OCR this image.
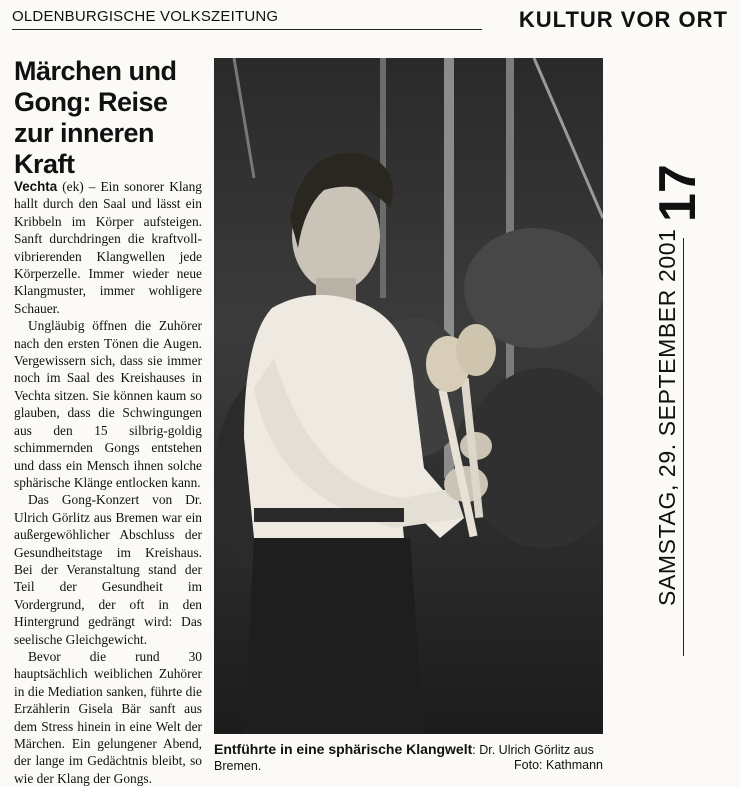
OLDENBURGISCHE VOLKSZEITUNG	KULTUR VOR ORT
Märchen und Gong: Reise zur inneren Kraft

Vechta (ek) – Ein sonorer Klang hallt durch den Saal und lässt ein Kribbeln im Körper aufsteigen. Sanft durchdringen die kraftvoll-vibrierenden Klangwellen jede Körperzelle. Immer wieder neue Klangmuster, immer wohligere Schauer.

Ungläubig öffnen die Zuhörer nach den ersten Tönen die Augen. Vergewissern sich, dass sie immer noch im Saal des Kreishauses in Vechta sitzen. Sie können kaum so glauben, dass die Schwingungen aus den 15 silbrig-goldig schimmernden Gongs entstehen und dass ein Mensch ihnen solche sphärische Klänge entlocken kann.

Das Gong-Konzert von Dr. Ulrich Görlitz aus Bremen war ein außergewöhlicher Abschluss der Gesundheitstage im Kreishaus. Bei der Veranstaltung stand der Teil der Gesundheit im Vordergrund, der oft in den Hintergrund gedrängt wird: Das seelische Gleichgewicht.

Bevor die rund 30 hauptsächlich weiblichen Zuhörer in die Mediation sanken, führte die Erzählerin Gisela Bär sanft aus dem Stress hinein in eine Welt der Märchen. Ein gelungener Abend, der lange im Gedächtnis bleibt, so wie der Klang der Gongs.

Entführte in eine sphärische Klangwelt: Dr. Ulrich Görlitz aus Bremen.	Foto: Kathmann
17
SAMSTAG, 29. SEPTEMBER 2001
